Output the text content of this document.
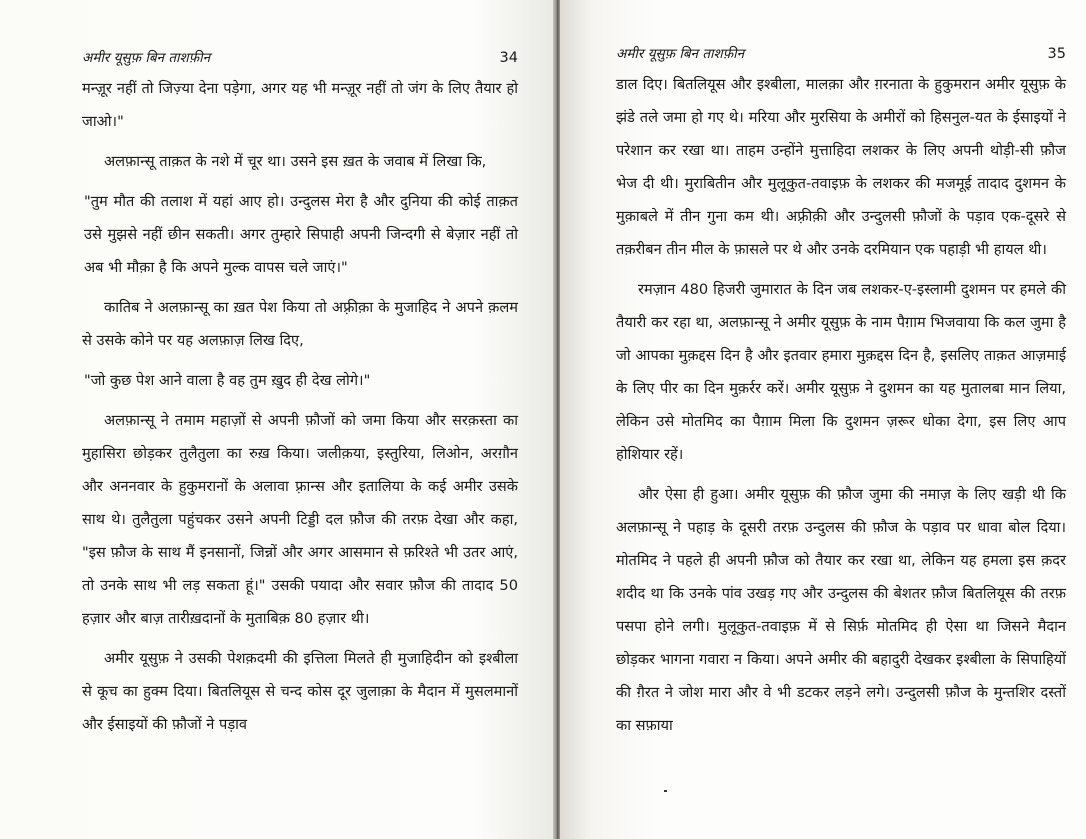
अमीर यूसुफ़ बिन ताशफ़ीन	34

मन्ज़ूर नहीं तो जिज़्या देना पड़ेगा, अगर यह भी मन्ज़ूर नहीं तो जंग के लिए तैयार हो जाओ।"

अलफ़ान्सू ताक़त के नशे में चूर था। उसने इस ख़त के जवाब में लिखा कि,

"तुम मौत की तलाश में यहां आए हो। उन्दुलस मेरा है और दुनिया की कोई ताक़त उसे मुझसे नहीं छीन सकती। अगर तुम्हारे सिपाही अपनी जिन्दगी से बेज़ार नहीं तो अब भी मौक़ा है कि अपने मुल्क वापस चले जाएं।"

कातिब ने अलफ़ान्सू का ख़त पेश किया तो अफ़्रीक़ा के मुजाहिद ने अपने क़लम से उसके कोने पर यह अलफ़ाज़ लिख दिए,

"जो कुछ पेश आने वाला है वह तुम ख़ुद ही देख लोगे।"

अलफ़ान्सू ने तमाम महाज़ों से अपनी फ़ौजों को जमा किया और सरक़स्ता का मुहासिरा छोड़कर तुलैतुला का रुख़ किया। जलीक़या, इस्तुरिया, लिओन, अरग़ौन और अननवार के हुकुमरानों के अलावा फ़्रान्स और इतालिया के कई अमीर उसके साथ थे। तुलैतुला पहुंचकर उसने अपनी टिड्डी दल फ़ौज की तरफ़ देखा और कहा, "इस फ़ौज के साथ मैं इनसानों, जिन्नों और अगर आसमान से फ़रिश्ते भी उतर आएं, तो उनके साथ भी लड़ सकता हूं।" उसकी पयादा और सवार फ़ौज की तादाद 50 हज़ार और बाज़ तारीख़दानों के मुताबिक़ 80 हज़ार थी।

अमीर यूसुफ़ ने उसकी पेशक़दमी की इत्तिला मिलते ही मुजाहिदीन को इश्बीला से कूच का हुक्म दिया। बितलियूस से चन्द कोस दूर जुलाक़ा के मैदान में मुसलमानों और ईसाइयों की फ़ौजों ने पड़ाव

अमीर यूसुफ़ बिन ताशफ़ीन	35

डाल दिए। बितलियूस और इश्बीला, मालक़ा और ग़रनाता के हुकुमरान अमीर यूसुफ़ के झंडे तले जमा हो गए थे। मरिया और मुरसिया के अमीरों को हिसनुल-यत के ईसाइयों ने परेशान कर रखा था। ताहम उन्होंने मुत्ताहिदा लशकर के लिए अपनी थोड़ी-सी फ़ौज भेज दी थी। मुराबितीन और मुलूकुत-तवाइफ़ के लशकर की मजमूई तादाद दुशमन के मुक़ाबले में तीन गुना कम थी। अफ़्रीक़ी और उन्दुलसी फ़ौजों के पड़ाव एक-दूसरे से तक़रीबन तीन मील के फ़ासले पर थे और उनके दरमियान एक पहाड़ी भी हायल थी।

रमज़ान 480 हिजरी जुमारात के दिन जब लशकर-ए-इस्लामी दुशमन पर हमले की तैयारी कर रहा था, अलफ़ान्सू ने अमीर यूसुफ़ के नाम पैग़ाम भिजवाया कि कल जुमा है जो आपका मुक़द्दस दिन है और इतवार हमारा मुक़द्दस दिन है, इसलिए ताक़त आज़माई के लिए पीर का दिन मुक़र्रर करें। अमीर यूसुफ़ ने दुशमन का यह मुतालबा मान लिया, लेकिन उसे मोतमिद का पैग़ाम मिला कि दुशमन ज़रूर धोका देगा, इस लिए आप होशियार रहें।

और ऐसा ही हुआ। अमीर यूसुफ़ की फ़ौज जुमा की नमाज़ के लिए खड़ी थी कि अलफ़ान्सू ने पहाड़ के दूसरी तरफ़ उन्दुलस की फ़ौज के पड़ाव पर धावा बोल दिया। मोतमिद ने पहले ही अपनी फ़ौज को तैयार कर रखा था, लेकिन यह हमला इस क़दर शदीद था कि उनके पांव उखड़ गए और उन्दुलस की बेशतर फ़ौज बितलियूस की तरफ़ पसपा होने लगी। मुलूकुत-तवाइफ़ में से सिर्फ़ मोतमिद ही ऐसा था जिसने मैदान छोड़कर भागना गवारा न किया। अपने अमीर की बहादुरी देखकर इश्बीला के सिपाहियों की ग़ैरत ने जोश मारा और वे भी डटकर लड़ने लगे। उन्दुलसी फ़ौज के मुन्तशिर दस्तों का सफ़ाया
